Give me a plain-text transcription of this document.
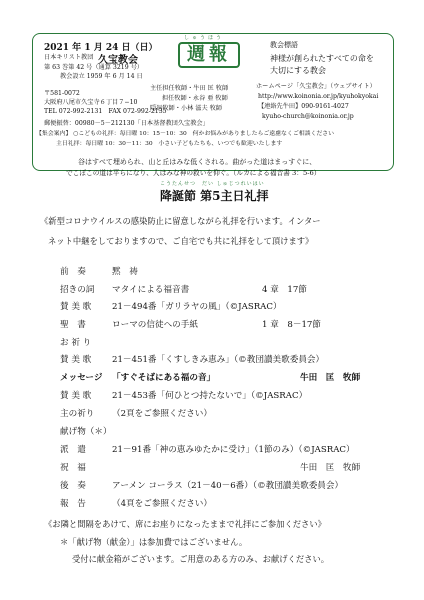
2021 年 1 月 24 日（日）
日本キリスト教団 久宝教会
第 63 巻第 42 号（通算 3219 号）
教会設立 1959 年 6 月 14 日
しゅうほう
週報
主任担任牧師・牛田 匡 牧師
担任牧師・永谷 亜 牧師
隠退牧師・小林 滋夫 牧師
教会標語
神様が創られたすべての命を
大切にする教会
ホームページ「久宝教会」（ウェブサイト）
http://www.koinonia.or.jp/kyuhokyokai
【連絡先牛田】090-9161-4027
kyuho-church@koinonia.or.jp
〒581-0072
大阪府八尾市久宝寺６丁目７−10
TEL 072-992-2131　FAX 072-992-2135
郵便振替：00980－5－212130「日本基督教団久宝教会」
【集会案内】 ○こどもの礼拝：毎日曜 10：15－10：30　何かお悩みがありましたらご遠慮なくご相談ください
主日礼拝：毎日曜 10：30－11：30　小さい子どもたちも、いつでも歓迎いたします
谷はすべて埋められ、山と丘はみな低くされる。曲がった道はまっすぐに、
でこぼこの道は平らになり、人はみな神の救いを仰ぐ。（ルカによる福音書 3：5-6）
こうたんせつ　だい しゅじつれいはい
降誕節 第5主日礼拝
《新型コロナウイルスの感染防止に留意しながら礼拝を行います。インター
ネット中継をしておりますので、ご自宅でも共に礼拝をして頂けます》
前　奏	黙　祷
招きの詞 マタイによる福音書	4 章　17節
賛 美 歌 21－494番「ガリラヤの風」（©JASRAC）
聖　書	ローマの信徒への手紙	1 章　8－17節
お 祈 り
賛 美 歌 21－451番「くすしきみ恵み」（©教団讃美歌委員会）
メッセージ 「すぐそばにある福の音」	牛田　匡　牧師
賛 美 歌 21－453番「何ひとつ持たないで」（©JASRAC）
主の祈り （2頁をご参照ください）
献げ物（＊）
派　遣	21－91番「神の恵みゆたかに受け」（1節のみ）（©JASRAC）
祝　福	牛田　匡　牧師
後　奏	アーメン コーラス（21－40－6番）（©教団讃美歌委員会）
報　告	（4頁をご参照ください）
《お隣と間隔をあけて、席にお座りになったままで礼拝にご参加ください》
＊「献げ物（献金）」は参加費ではございません。
受付に献金箱がございます。ご用意のある方のみ、お献げください。
